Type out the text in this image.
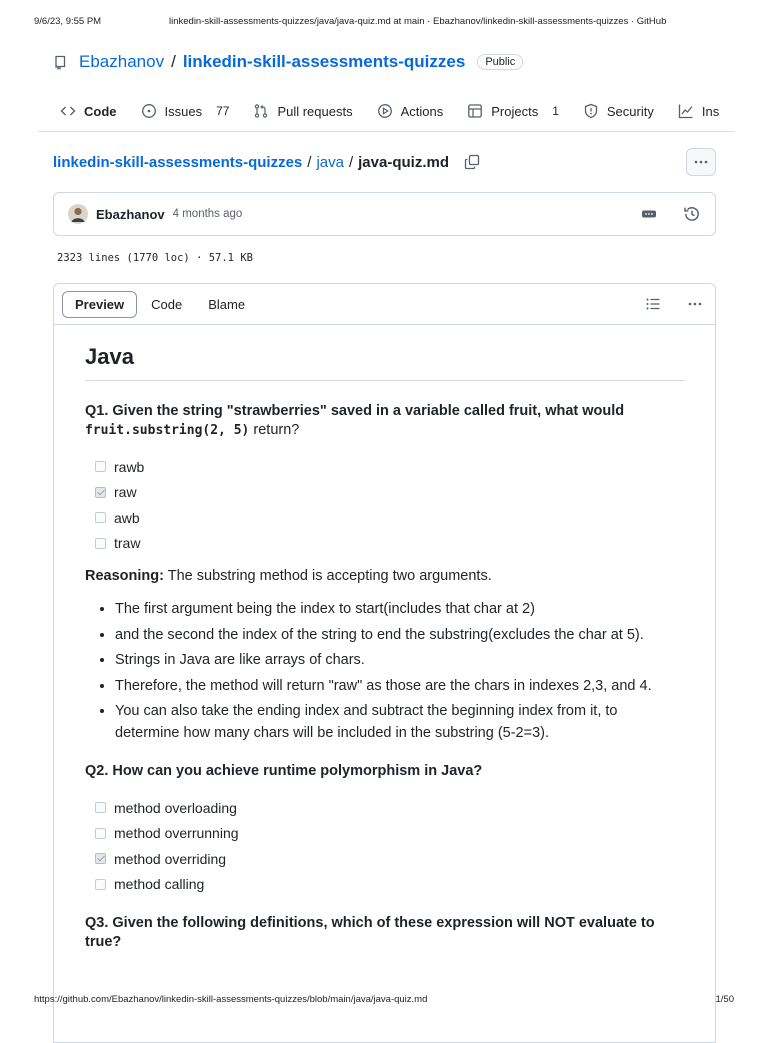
9/6/23, 9:55 PM	linkedin-skill-assessments-quizzes/java/java-quiz.md at main · Ebazhanov/linkedin-skill-assessments-quizzes · GitHub
Ebazhanov / linkedin-skill-assessments-quizzes	Public
Code	Issues 77	Pull requests	Actions	Projects 1	Security	Ins
linkedin-skill-assessments-quizzes / java / java-quiz.md
Ebazhanov 4 months ago
2323 lines (1770 loc) · 57.1 KB
Preview	Code	Blame
Java

Q1. Given the string "strawberries" saved in a variable called fruit, what would
fruit.substring(2, 5) return?

rawb
raw
awb
traw

Reasoning: The substring method is accepting two arguments.

• The first argument being the index to start(includes that char at 2)
• and the second the index of the string to end the substring(excludes the char at 5).
• Strings in Java are like arrays of chars.
• Therefore, the method will return "raw" as those are the chars in indexes 2,3, and 4.
• You can also take the ending index and subtract the beginning index from it, to determine how many chars will be included in the substring (5-2=3).

Q2. How can you achieve runtime polymorphism in Java?

method overloading
method overrunning
method overriding
method calling

Q3. Given the following definitions, which of these expression will NOT evaluate to true?

https://github.com/Ebazhanov/linkedin-skill-assessments-quizzes/blob/main/java/java-quiz.md	1/50
